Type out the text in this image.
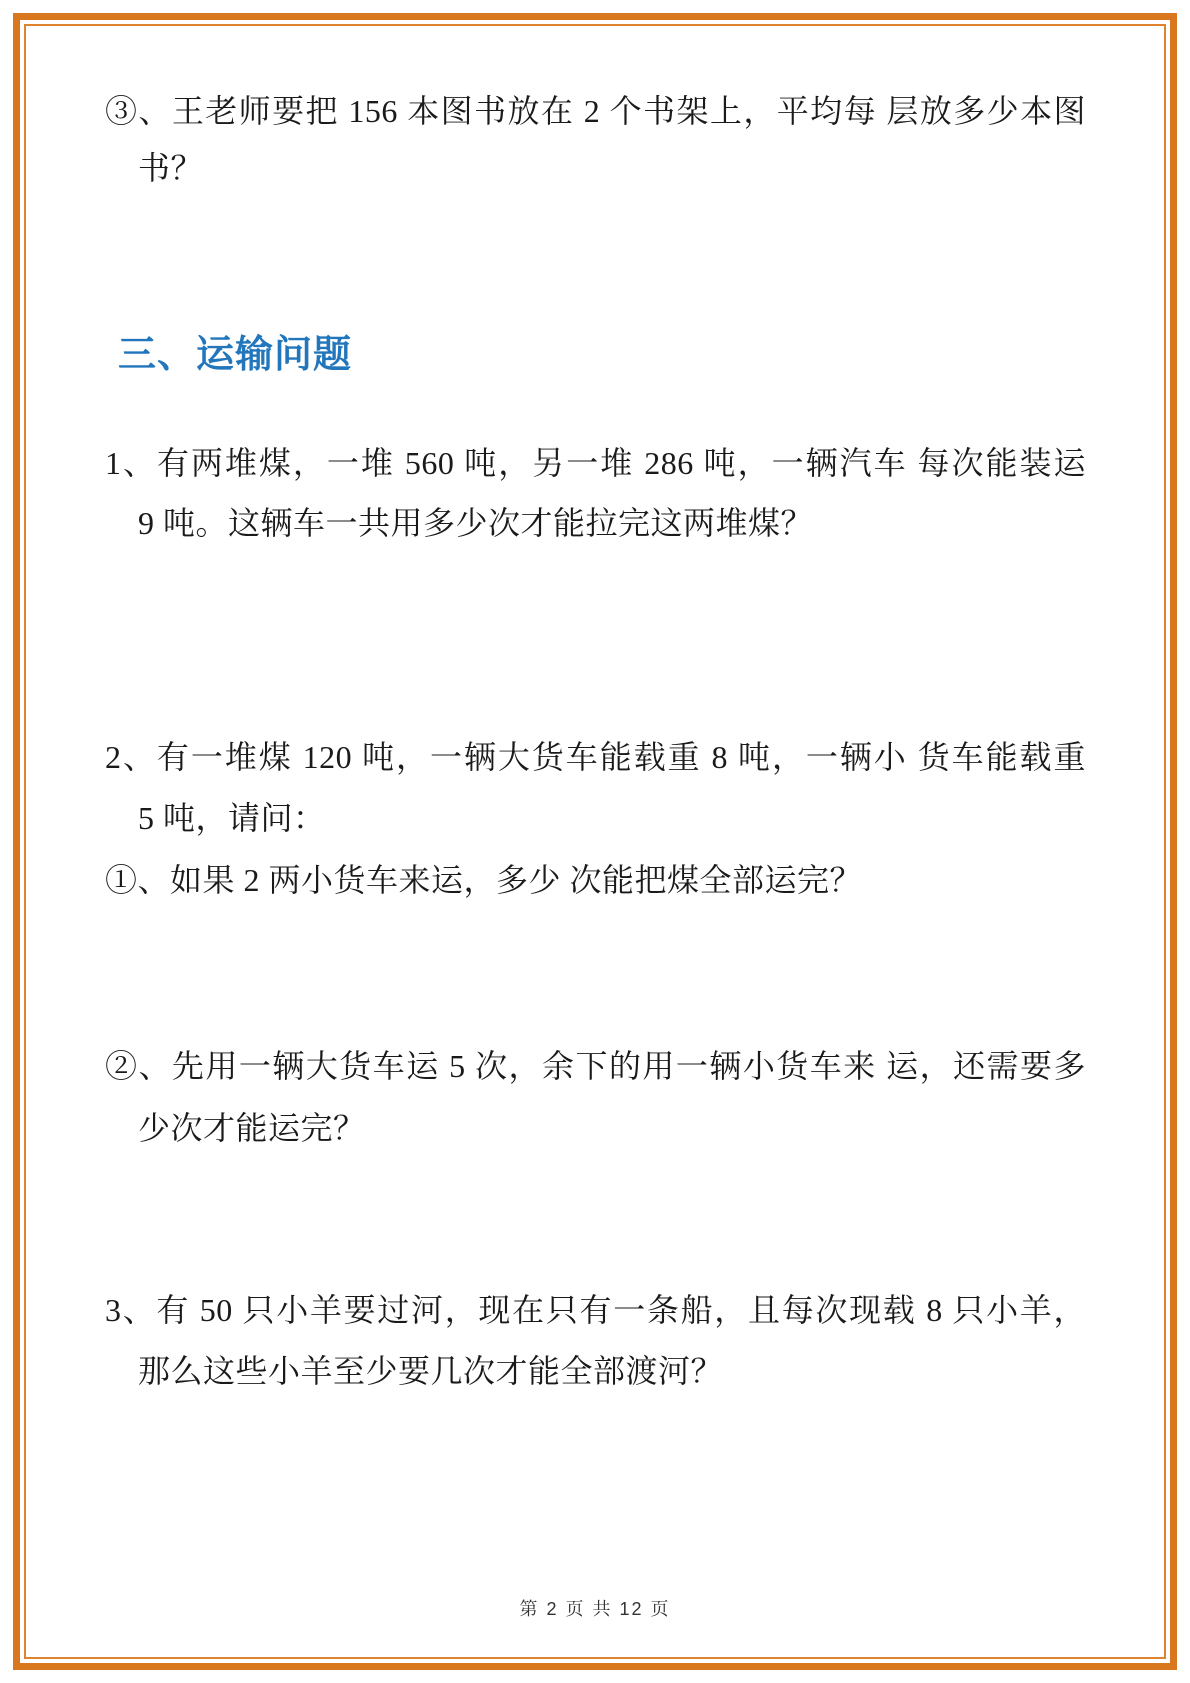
③、王老师要把 156 本图书放在 2 个书架上，平均每 层放多少本图
书？
三、运输问题
1、有两堆煤，一堆 560 吨，另一堆 286 吨，一辆汽车 每次能装运
9 吨。这辆车一共用多少次才能拉完这两堆煤？
2、有一堆煤 120 吨，一辆大货车能载重 8 吨，一辆小 货车能载重
5 吨，请问：
①、如果 2 两小货车来运，多少 次能把煤全部运完？
②、先用一辆大货车运 5 次，余下的用一辆小货车来 运，还需要多
少次才能运完？
3、有 50 只小羊要过河，现在只有一条船，且每次现载 8 只小羊，
那么这些小羊至少要几次才能全部渡河？
第 2 页 共 12 页
